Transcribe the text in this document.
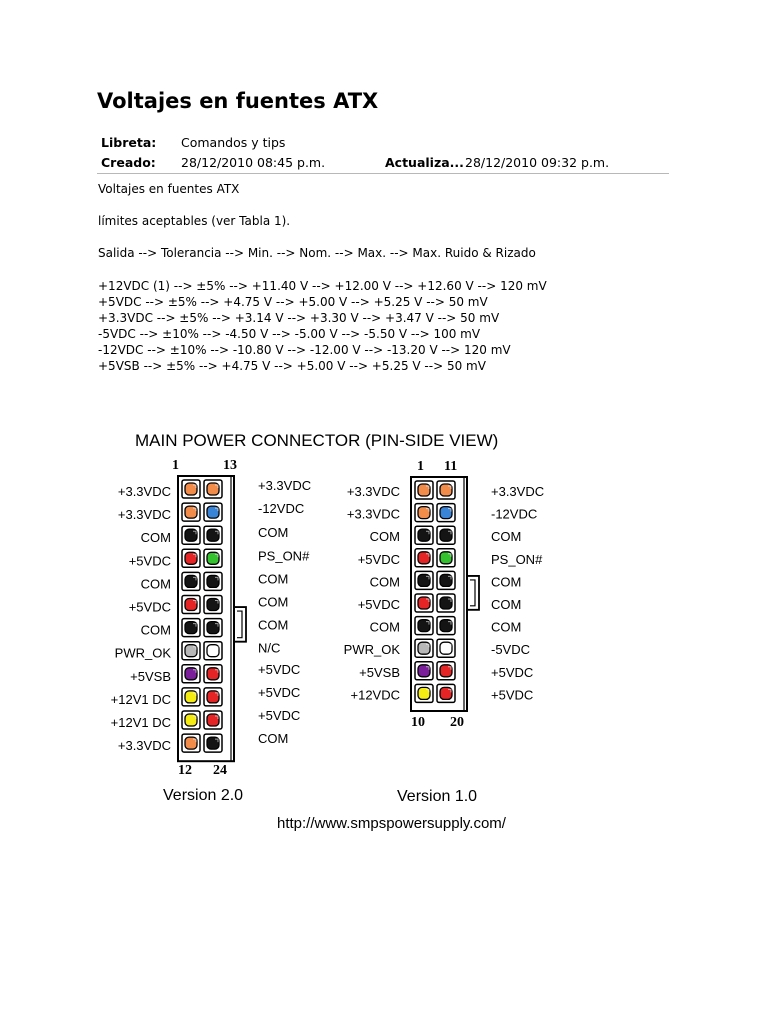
Voltajes en fuentes ATX
Libreta: Comandos y tips
Creado: 28/12/2010 08:45 p.m.	Actualiza... 28/12/2010 09:32 p.m.
Voltajes en fuentes ATX
límites aceptables (ver Tabla 1).
Salida --> Tolerancia --> Min. --> Nom. --> Max. --> Max. Ruido & Rizado
+12VDC (1) --> ±5% --> +11.40 V --> +12.00 V --> +12.60 V --> 120 mV
+5VDC --> ±5% --> +4.75 V --> +5.00 V --> +5.25 V --> 50 mV
+3.3VDC --> ±5% --> +3.14 V --> +3.30 V --> +3.47 V --> 50 mV
-5VDC --> ±10% --> -4.50 V --> -5.00 V --> -5.50 V --> 100 mV
-12VDC --> ±10% --> -10.80 V --> -12.00 V --> -13.20 V --> 120 mV
+5VSB --> ±5% --> +4.75 V --> +5.00 V --> +5.25 V --> 50 mV
MAIN POWER CONNECTOR (PIN-SIDE VIEW)
1	13
12 24
1 11
10 20
Version 2.0	Version 1.0
http://www.smpspowersupply.com/
+3.3VDC	+3.3VDC
+3.3VDC	-12VDC
COM	COM
+5VDC	PS_ON#
COM	COM
+5VDC	COM
COM	COM
PWR_OK	N/C
+5VSB	+5VDC
+12V1 DC	+5VDC
+12V1 DC	+5VDC
+3.3VDC	COM
+3.3VDC	+3.3VDC
+3.3VDC	-12VDC
COM	COM
+5VDC	PS_ON#
COM	COM
+5VDC	COM
COM	COM
PWR_OK	-5VDC
+5VSB	+5VDC
+12VDC	+5VDC
